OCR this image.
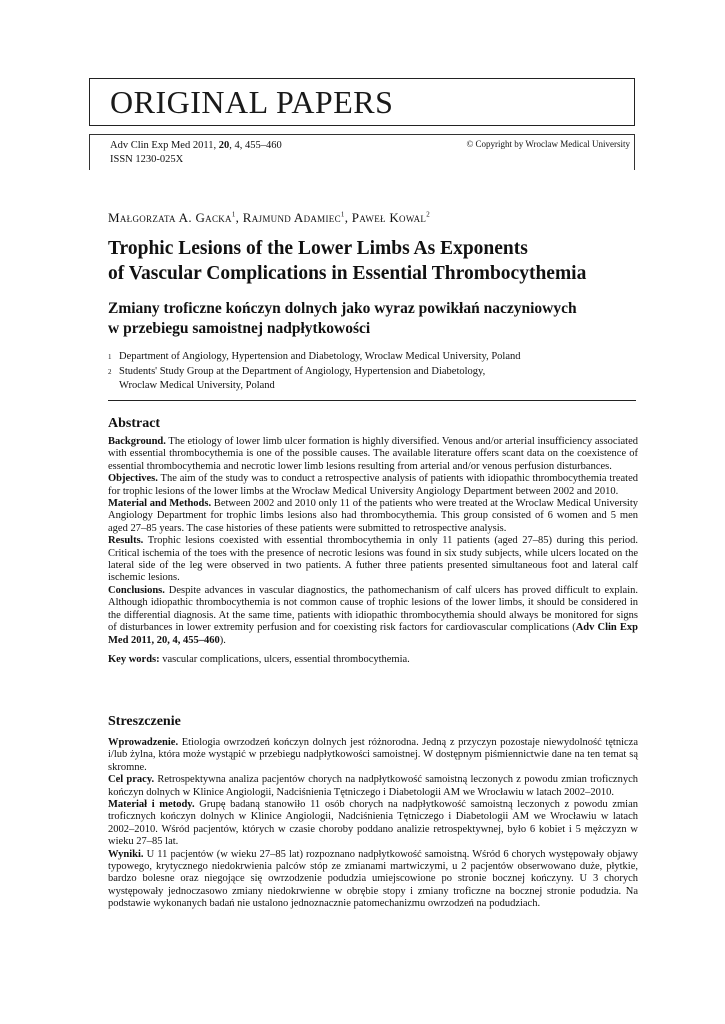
ORIGINAL PAPERS
Adv Clin Exp Med 2011, 20, 4, 455–460
ISSN 1230-025X
© Copyright by Wroclaw Medical University
Małgorzata A. Gacka$^1$, Rajmund Adamiec$^1$, Paweł Kowal$^2$
Trophic Lesions of the Lower Limbs As Exponents
of Vascular Complications in Essential Thrombocythemia
Zmiany troficzne kończyn dolnych jako wyraz powikłań naczyniowych
w przebiegu samoistnej nadpłytkowości
1 Department of Angiology, Hypertension and Diabetology, Wroclaw Medical University, Poland
2 Students' Study Group at the Department of Angiology, Hypertension and Diabetology,
Wroclaw Medical University, Poland
Abstract

Background. The etiology of lower limb ulcer formation is highly diversified. Venous and/or arterial insufficiency associated with essential thrombocythemia is one of the possible causes. The available literature offers scant data on the coexistence of essential thrombocythemia and necrotic lower limb lesions resulting from arterial and/or venous perfusion disturbances.

Objectives. The aim of the study was to conduct a retrospective analysis of patients with idiopathic thrombocythemia treated for trophic lesions of the lower limbs at the Wrocław Medical University Angiology Department between 2002 and 2010.

Material and Methods. Between 2002 and 2010 only 11 of the patients who were treated at the Wroclaw Medical University Angiology Department for trophic limbs lesions also had thrombocythemia. This group consisted of 6 women and 5 men aged 27–85 years. The case histories of these patients were submitted to retrospective analysis.

Results. Trophic lesions coexisted with essential thrombocythemia in only 11 patients (aged 27–85) during this period. Critical ischemia of the toes with the presence of necrotic lesions was found in six study subjects, while ulcers located on the lateral side of the leg were observed in two patients. A futher three patients presented simultaneous foot and lateral calf ischemic lesions.

Conclusions. Despite advances in vascular diagnostics, the pathomechanism of calf ulcers has proved difficult to explain. Although idiopathic thrombocythemia is not common cause of trophic lesions of the lower limbs, it should be considered in the differential diagnosis. At the same time, patients with idiopathic thrombocythemia should always be monitored for signs of disturbances in lower extremity perfusion and for coexisting risk factors for cardiovascular complications (Adv Clin Exp Med 2011, 20, 4, 455–460).

Key words: vascular complications, ulcers, essential thrombocythemia.

Streszczenie

Wprowadzenie. Etiologia owrzodzeń kończyn dolnych jest różnorodna. Jedną z przyczyn pozostaje niewydolność tętnicza i/lub żylna, która może wystąpić w przebiegu nadpłytkowości samoistnej. W dostępnym piśmiennictwie dane na ten temat są skromne.

Cel pracy. Retrospektywna analiza pacjentów chorych na nadpłytkowość samoistną leczonych z powodu zmian troficznych kończyn dolnych w Klinice Angiologii, Nadciśnienia Tętniczego i Diabetologii AM we Wrocławiu w latach 2002–2010.

Materiał i metody. Grupę badaną stanowiło 11 osób chorych na nadpłytkowość samoistną leczonych z powodu zmian troficznych kończyn dolnych w Klinice Angiologii, Nadciśnienia Tętniczego i Diabetologii AM we Wrocławiu w latach 2002–2010. Wśród pacjentów, których w czasie choroby poddano analizie retrospektywnej, było 6 kobiet i 5 mężczyzn w wieku 27–85 lat.

Wyniki. U 11 pacjentów (w wieku 27–85 lat) rozpoznano nadpłytkowość samoistną. Wśród 6 chorych występowały objawy typowego, krytycznego niedokrwienia palców stóp ze zmianami martwiczymi, u 2 pacjentów obserwowano duże, płytkie, bardzo bolesne oraz niegojące się owrzodzenie podudzia umiejscowione po stronie bocznej kończyny. U 3 chorych występowały jednoczasowo zmiany niedokrwienne w obrębie stopy i zmiany troficzne na bocznej stronie podudzia. Na podstawie wykonanych badań nie ustalono jednoznacznie patomechanizmu owrzodzeń na podudziach.
